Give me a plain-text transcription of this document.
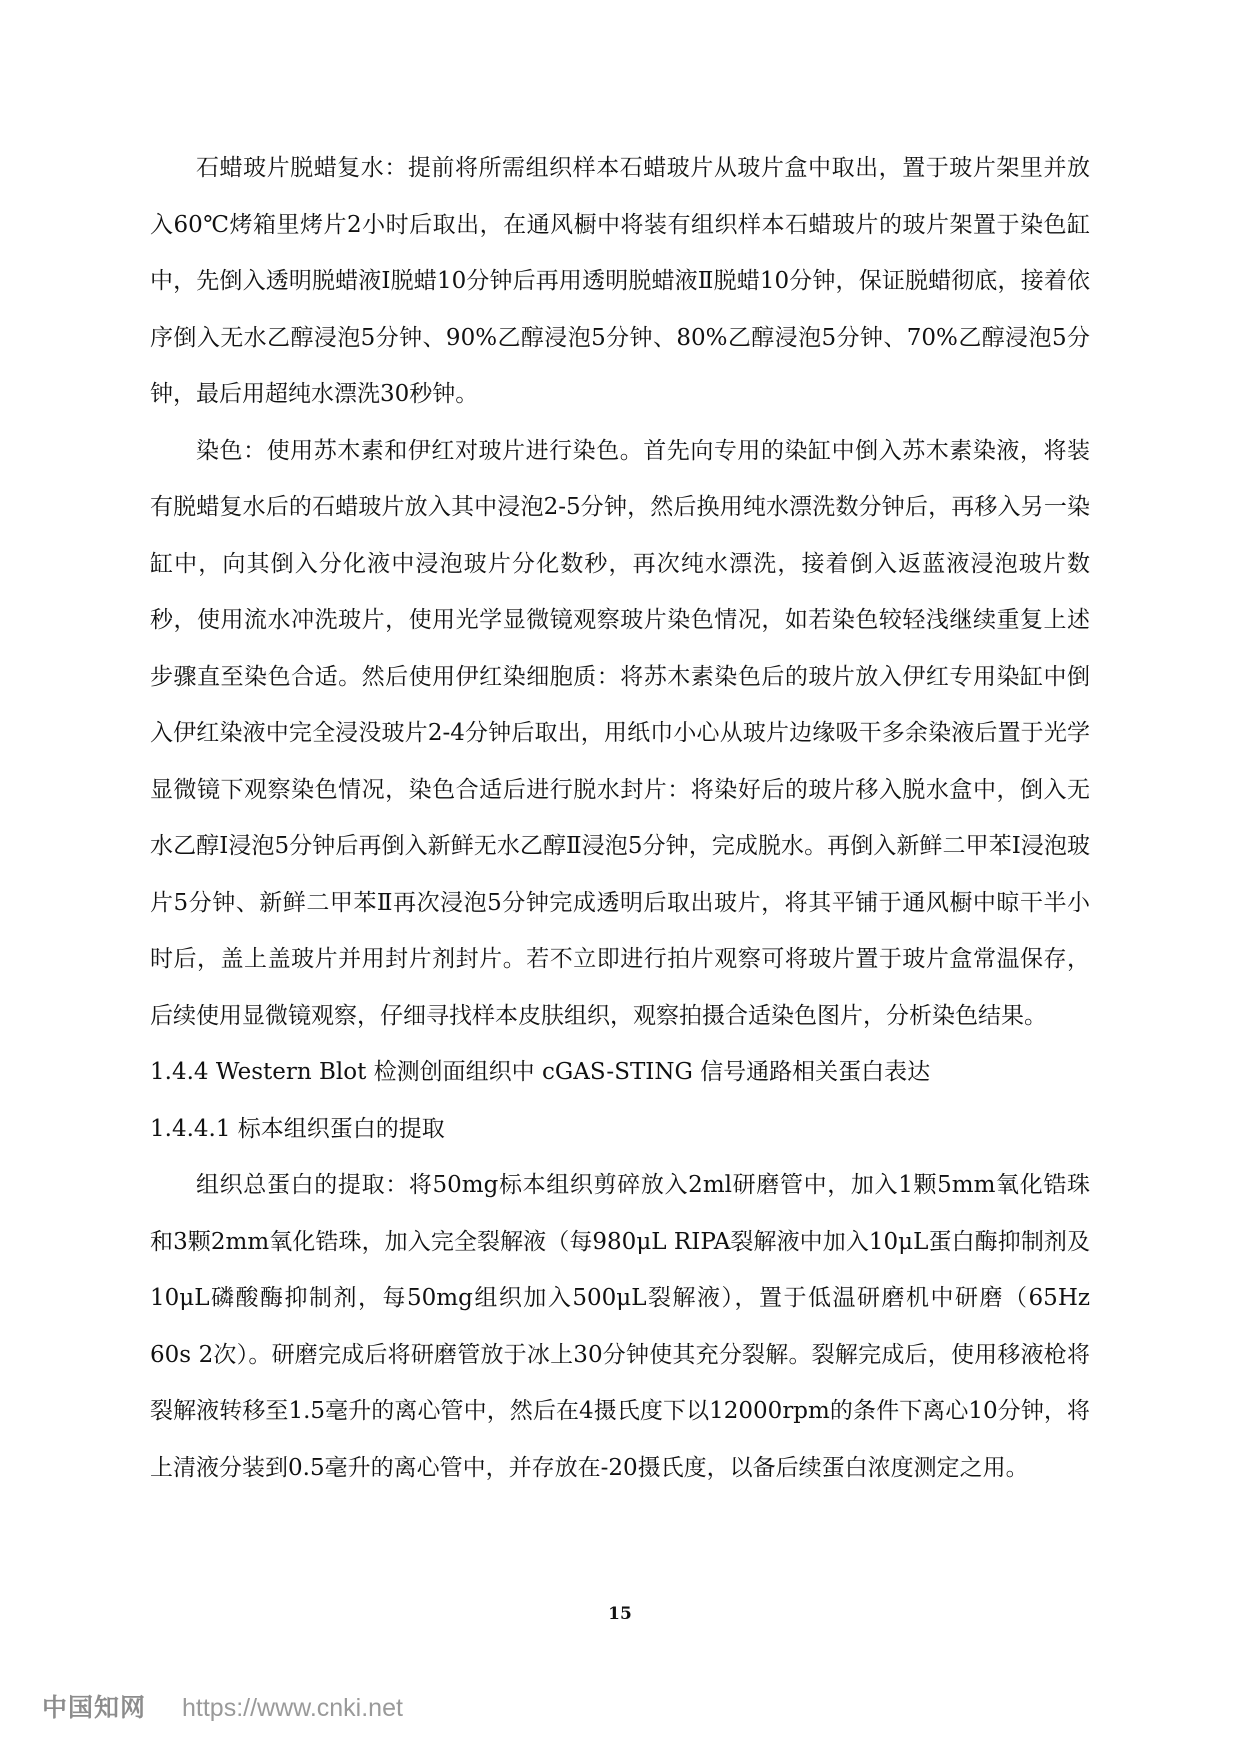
石蜡玻片脱蜡复水：提前将所需组织样本石蜡玻片从玻片盒中取出，置于玻片架里并放入60℃烤箱里烤片2小时后取出，在通风橱中将装有组织样本石蜡玻片的玻片架置于染色缸中，先倒入透明脱蜡液Ⅰ脱蜡10分钟后再用透明脱蜡液Ⅱ脱蜡10分钟，保证脱蜡彻底，接着依序倒入无水乙醇浸泡5分钟、90%乙醇浸泡5分钟、80%乙醇浸泡5分钟、70%乙醇浸泡5分钟，最后用超纯水漂洗30秒钟。

染色：使用苏木素和伊红对玻片进行染色。首先向专用的染缸中倒入苏木素染液，将装有脱蜡复水后的石蜡玻片放入其中浸泡2-5分钟，然后换用纯水漂洗数分钟后，再移入另一染缸中，向其倒入分化液中浸泡玻片分化数秒，再次纯水漂洗，接着倒入返蓝液浸泡玻片数秒，使用流水冲洗玻片，使用光学显微镜观察玻片染色情况，如若染色较轻浅继续重复上述步骤直至染色合适。然后使用伊红染细胞质：将苏木素染色后的玻片放入伊红专用染缸中倒入伊红染液中完全浸没玻片2-4分钟后取出，用纸巾小心从玻片边缘吸干多余染液后置于光学显微镜下观察染色情况，染色合适后进行脱水封片：将染好后的玻片移入脱水盒中，倒入无水乙醇Ⅰ浸泡5分钟后再倒入新鲜无水乙醇Ⅱ浸泡5分钟，完成脱水。再倒入新鲜二甲苯Ⅰ浸泡玻片5分钟、新鲜二甲苯Ⅱ再次浸泡5分钟完成透明后取出玻片，将其平铺于通风橱中晾干半小时后，盖上盖玻片并用封片剂封片。若不立即进行拍片观察可将玻片置于玻片盒常温保存，后续使用显微镜观察，仔细寻找样本皮肤组织，观察拍摄合适染色图片，分析染色结果。

1.4.4 Western Blot 检测创面组织中 cGAS-STING 信号通路相关蛋白表达

1.4.4.1 标本组织蛋白的提取

组织总蛋白的提取：将50mg标本组织剪碎放入2ml研磨管中，加入1颗5mm氧化锆珠和3颗2mm氧化锆珠，加入完全裂解液（每980μL RIPA裂解液中加入10μL蛋白酶抑制剂及10μL磷酸酶抑制剂，每50mg组织加入500μL裂解液），置于低温研磨机中研磨（65Hz 60s 2次）。研磨完成后将研磨管放于冰上30分钟使其充分裂解。裂解完成后，使用移液枪将裂解液转移至1.5毫升的离心管中，然后在4摄氏度下以12000rpm的条件下离心10分钟，将上清液分装到0.5毫升的离心管中，并存放在-20摄氏度，以备后续蛋白浓度测定之用。

15
中国知网 https://www.cnki.net
